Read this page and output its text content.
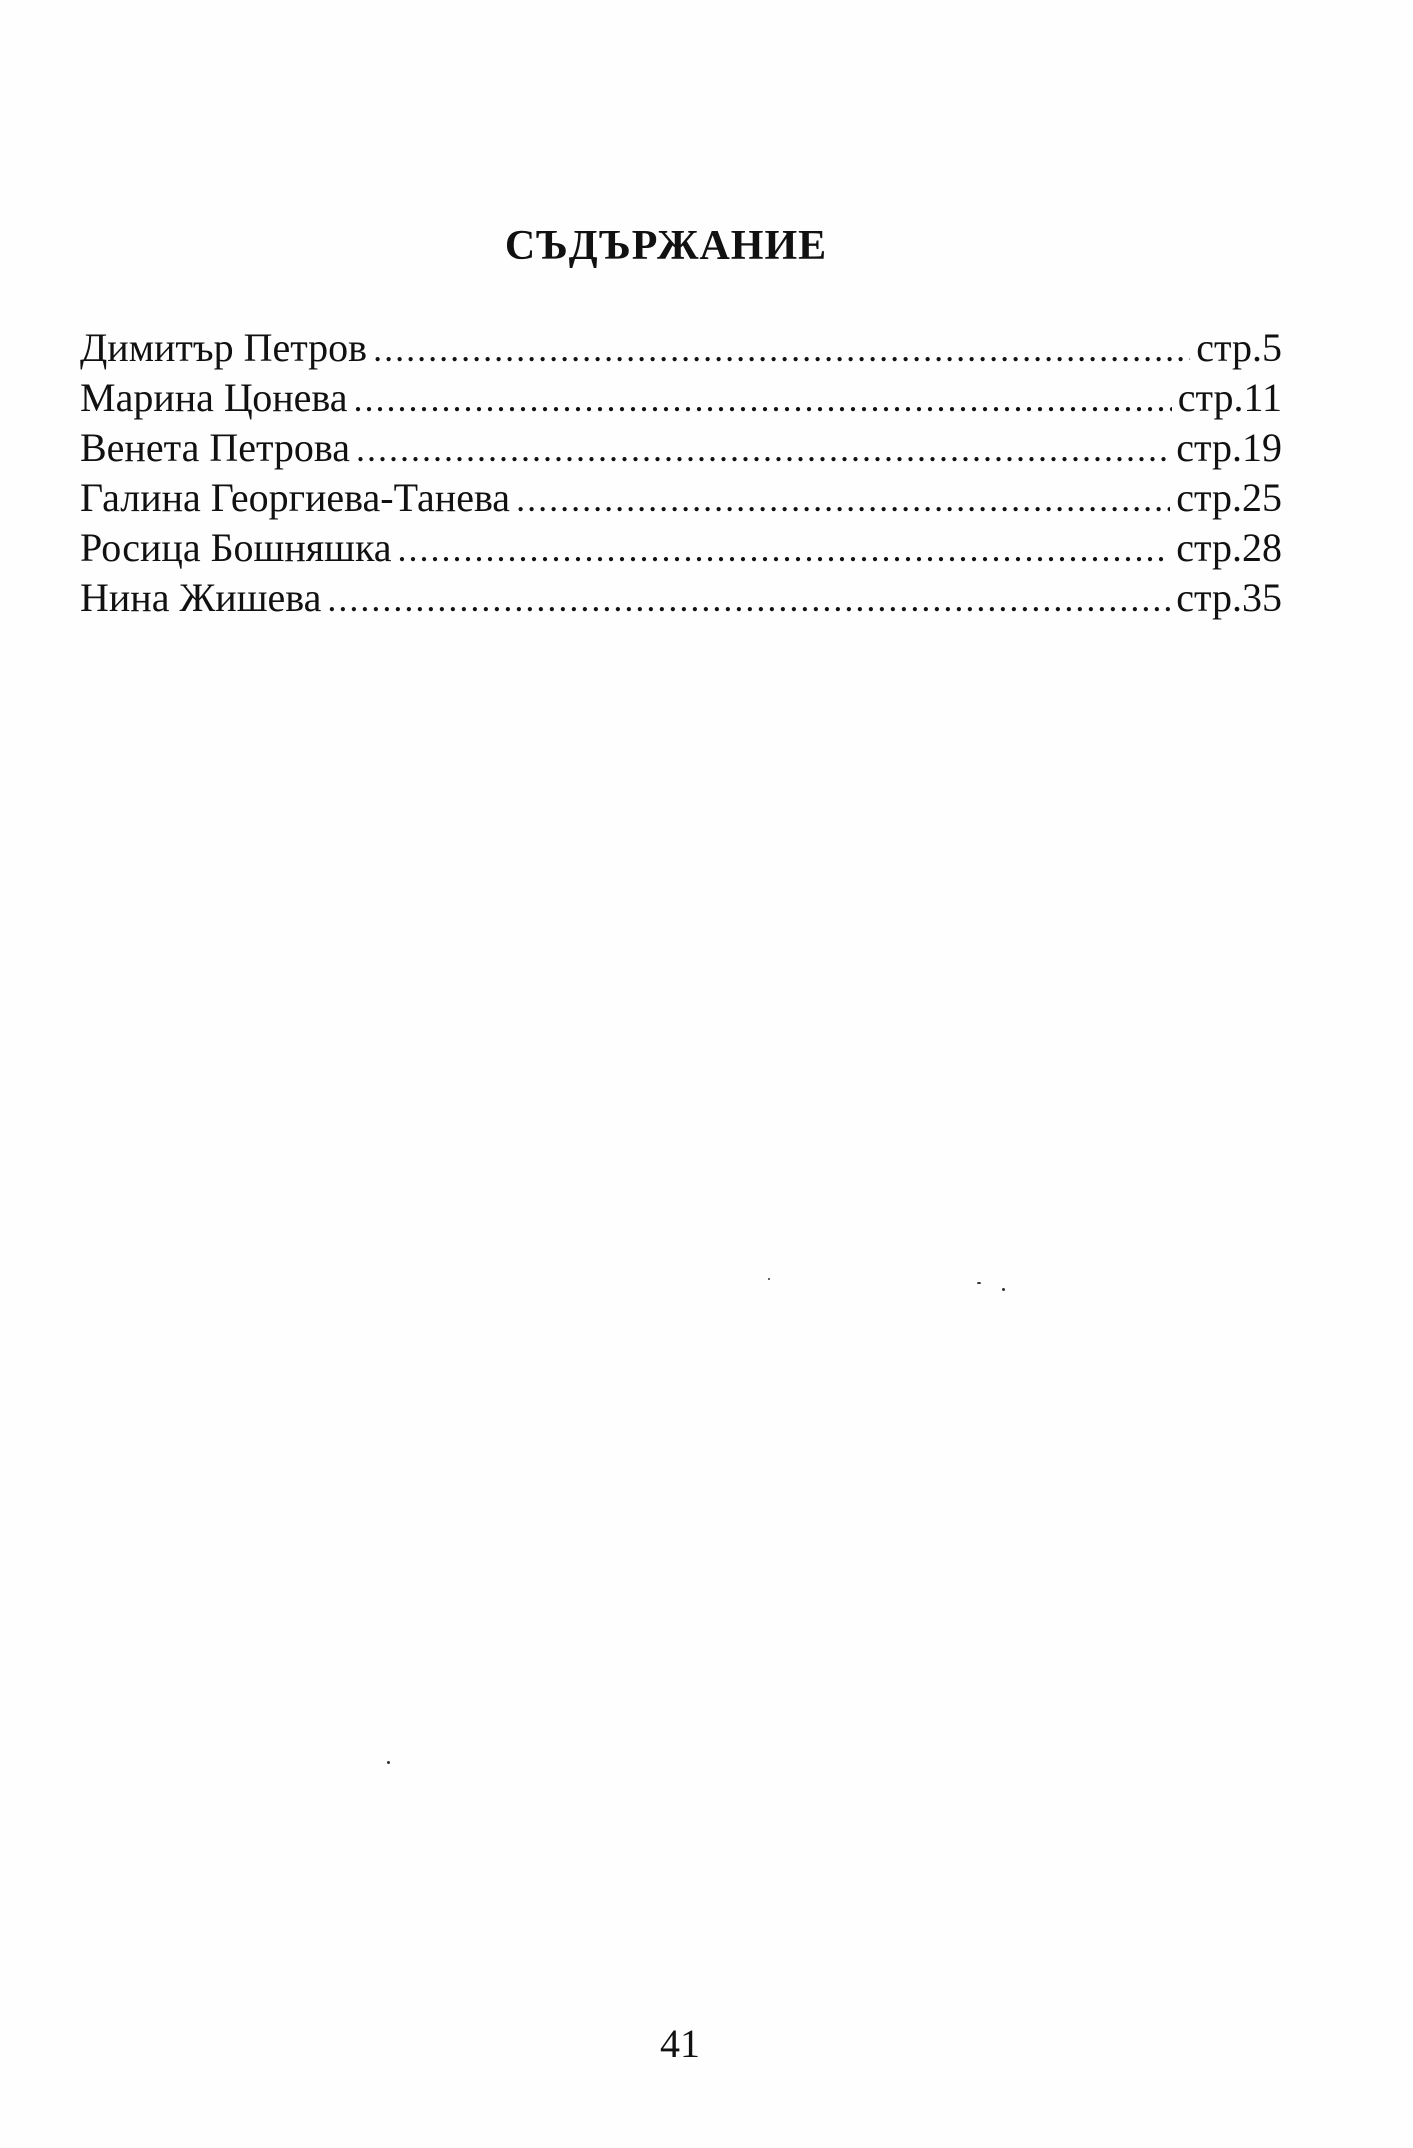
СЪДЪРЖАНИЕ
Димитър Петров .....	стр.5
Марина Цонева .....	стр.11
Венета Петрова .....	стр.19
Галина Георгиева-Танева .....	стр.25
Росица Бошняшка .....	стр.28
Нина Жишева .....	стр.35
41
